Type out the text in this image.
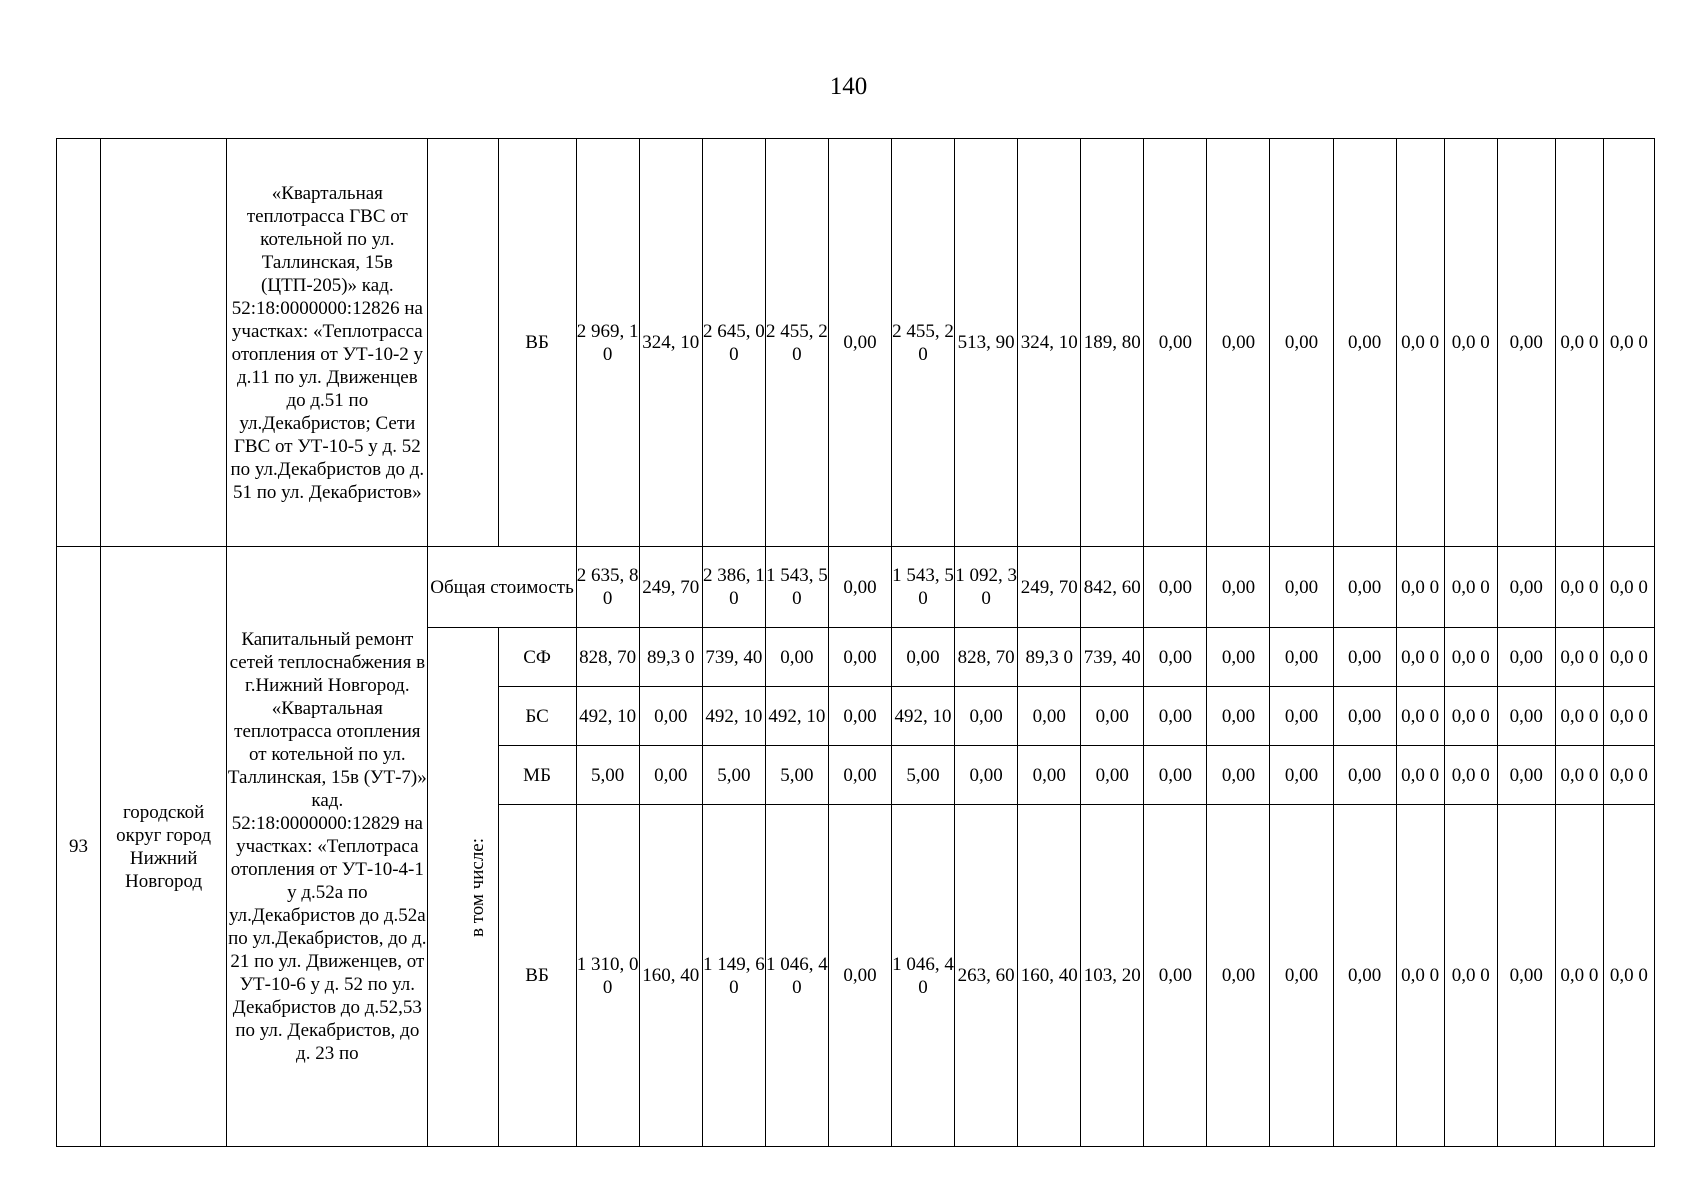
140
		«Квартальная теплотрасса ГВС от котельной по ул. Таллинская, 15в (ЦТП-205)» кад. 52:18:0000000:12826 на участках: «Теплотрасса отопления от УТ-10-2 у д.11 по ул. Движенцев до д.51 по ул.Декабристов; Сети ГВС от УТ-10-5 у д. 52 по ул.Декабристов до д. 51 по ул. Декабристов»		ВБ	2 969, 10	324, 10	2 645, 00	2 455, 20	0,00	2 455, 20	513, 90	324, 10	189, 80	0,00	0,00	0,00	0,00	0,0 0	0,0 0	0,00	0,0 0	0,0 0
93	городской округ город Нижний Новгород	Капитальный ремонт сетей теплоснабжения в г.Нижний Новгород. «Квартальная теплотрасса отопления от котельной по ул. Таллинская, 15в (УТ-7)» кад. 52:18:0000000:12829 на участках: «Теплотраса отопления от УТ-10-4-1 у д.52а по ул.Декабристов до д.52а по ул.Декабристов, до д. 21 по ул. Движенцев, от УТ-10-6 у д. 52 по ул. Декабристов до д.52,53 по ул. Декабристов, до д. 23 по	Общая стоимость		2 635, 80	249, 70	2 386, 10	1 543, 50	0,00	1 543, 50	1 092, 30	249, 70	842, 60	0,00	0,00	0,00	0,00	0,0 0	0,0 0	0,00	0,0 0	0,0 0
			в том числе:	СФ	828, 70	89,3 0	739, 40	0,00	0,00	0,00	828, 70	89,3 0	739, 40	0,00	0,00	0,00	0,00	0,0 0	0,0 0	0,00	0,0 0	0,0 0
				БС	492, 10	0,00	492, 10	492, 10	0,00	492, 10	0,00	0,00	0,00	0,00	0,00	0,00	0,00	0,0 0	0,0 0	0,00	0,0 0	0,0 0
				МБ	5,00	0,00	5,00	5,00	0,00	5,00	0,00	0,00	0,00	0,00	0,00	0,00	0,00	0,0 0	0,0 0	0,00	0,0 0	0,0 0
				ВБ	1 310, 00	160, 40	1 149, 60	1 046, 40	0,00	1 046, 40	263, 60	160, 40	103, 20	0,00	0,00	0,00	0,00	0,0 0	0,0 0	0,00	0,0 0	0,0 0
